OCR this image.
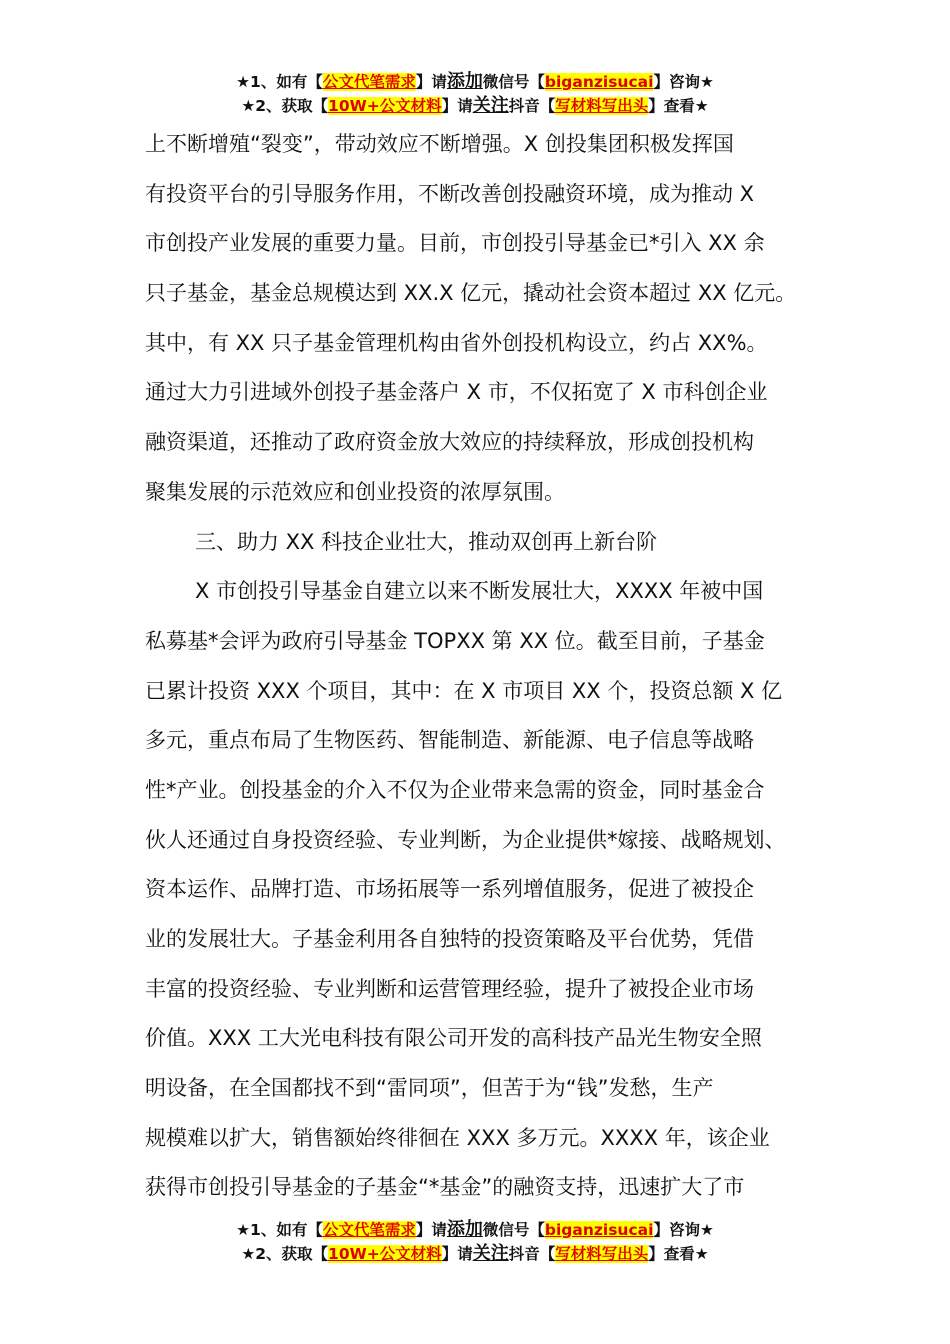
★1、如有【公文代笔需求】请添加微信号【biganzisucai】咨询★
★2、获取【10W+公文材料】请关注抖音【写材料写出头】查看★
上不断增殖“裂变”，带动效应不断增强。X 创投集团积极发挥国
有投资平台的引导服务作用，不断改善创投融资环境，成为推动 X
市创投产业发展的重要力量。目前，市创投引导基金已*引入 XX 余
只子基金，基金总规模达到 XX.X 亿元，撬动社会资本超过 XX 亿元。
其中，有 XX 只子基金管理机构由省外创投机构设立，约占 XX%。
通过大力引进域外创投子基金落户 X 市，不仅拓宽了 X 市科创企业
融资渠道，还推动了政府资金放大效应的持续释放，形成创投机构
聚集发展的示范效应和创业投资的浓厚氛围。
三、助力 XX 科技企业壮大，推动双创再上新台阶
X 市创投引导基金自建立以来不断发展壮大，XXXX 年被中国
私募基*会评为政府引导基金 TOPXX 第 XX 位。截至目前，子基金
已累计投资 XXX 个项目，其中：在 X 市项目 XX 个，投资总额 X 亿
多元，重点布局了生物医药、智能制造、新能源、电子信息等战略
性*产业。创投基金的介入不仅为企业带来急需的资金，同时基金合
伙人还通过自身投资经验、专业判断，为企业提供*嫁接、战略规划、
资本运作、品牌打造、市场拓展等一系列增值服务，促进了被投企
业的发展壮大。子基金利用各自独特的投资策略及平台优势，凭借
丰富的投资经验、专业判断和运营管理经验，提升了被投企业市场
价值。XXX 工大光电科技有限公司开发的高科技产品光生物安全照
明设备，在全国都找不到“雷同项”，但苦于为“钱”发愁，生产
规模难以扩大，销售额始终徘徊在 XXX 多万元。XXXX 年，该企业
获得市创投引导基金的子基金“*基金”的融资支持，迅速扩大了市
★1、如有【公文代笔需求】请添加微信号【biganzisucai】咨询★
★2、获取【10W+公文材料】请关注抖音【写材料写出头】查看★
